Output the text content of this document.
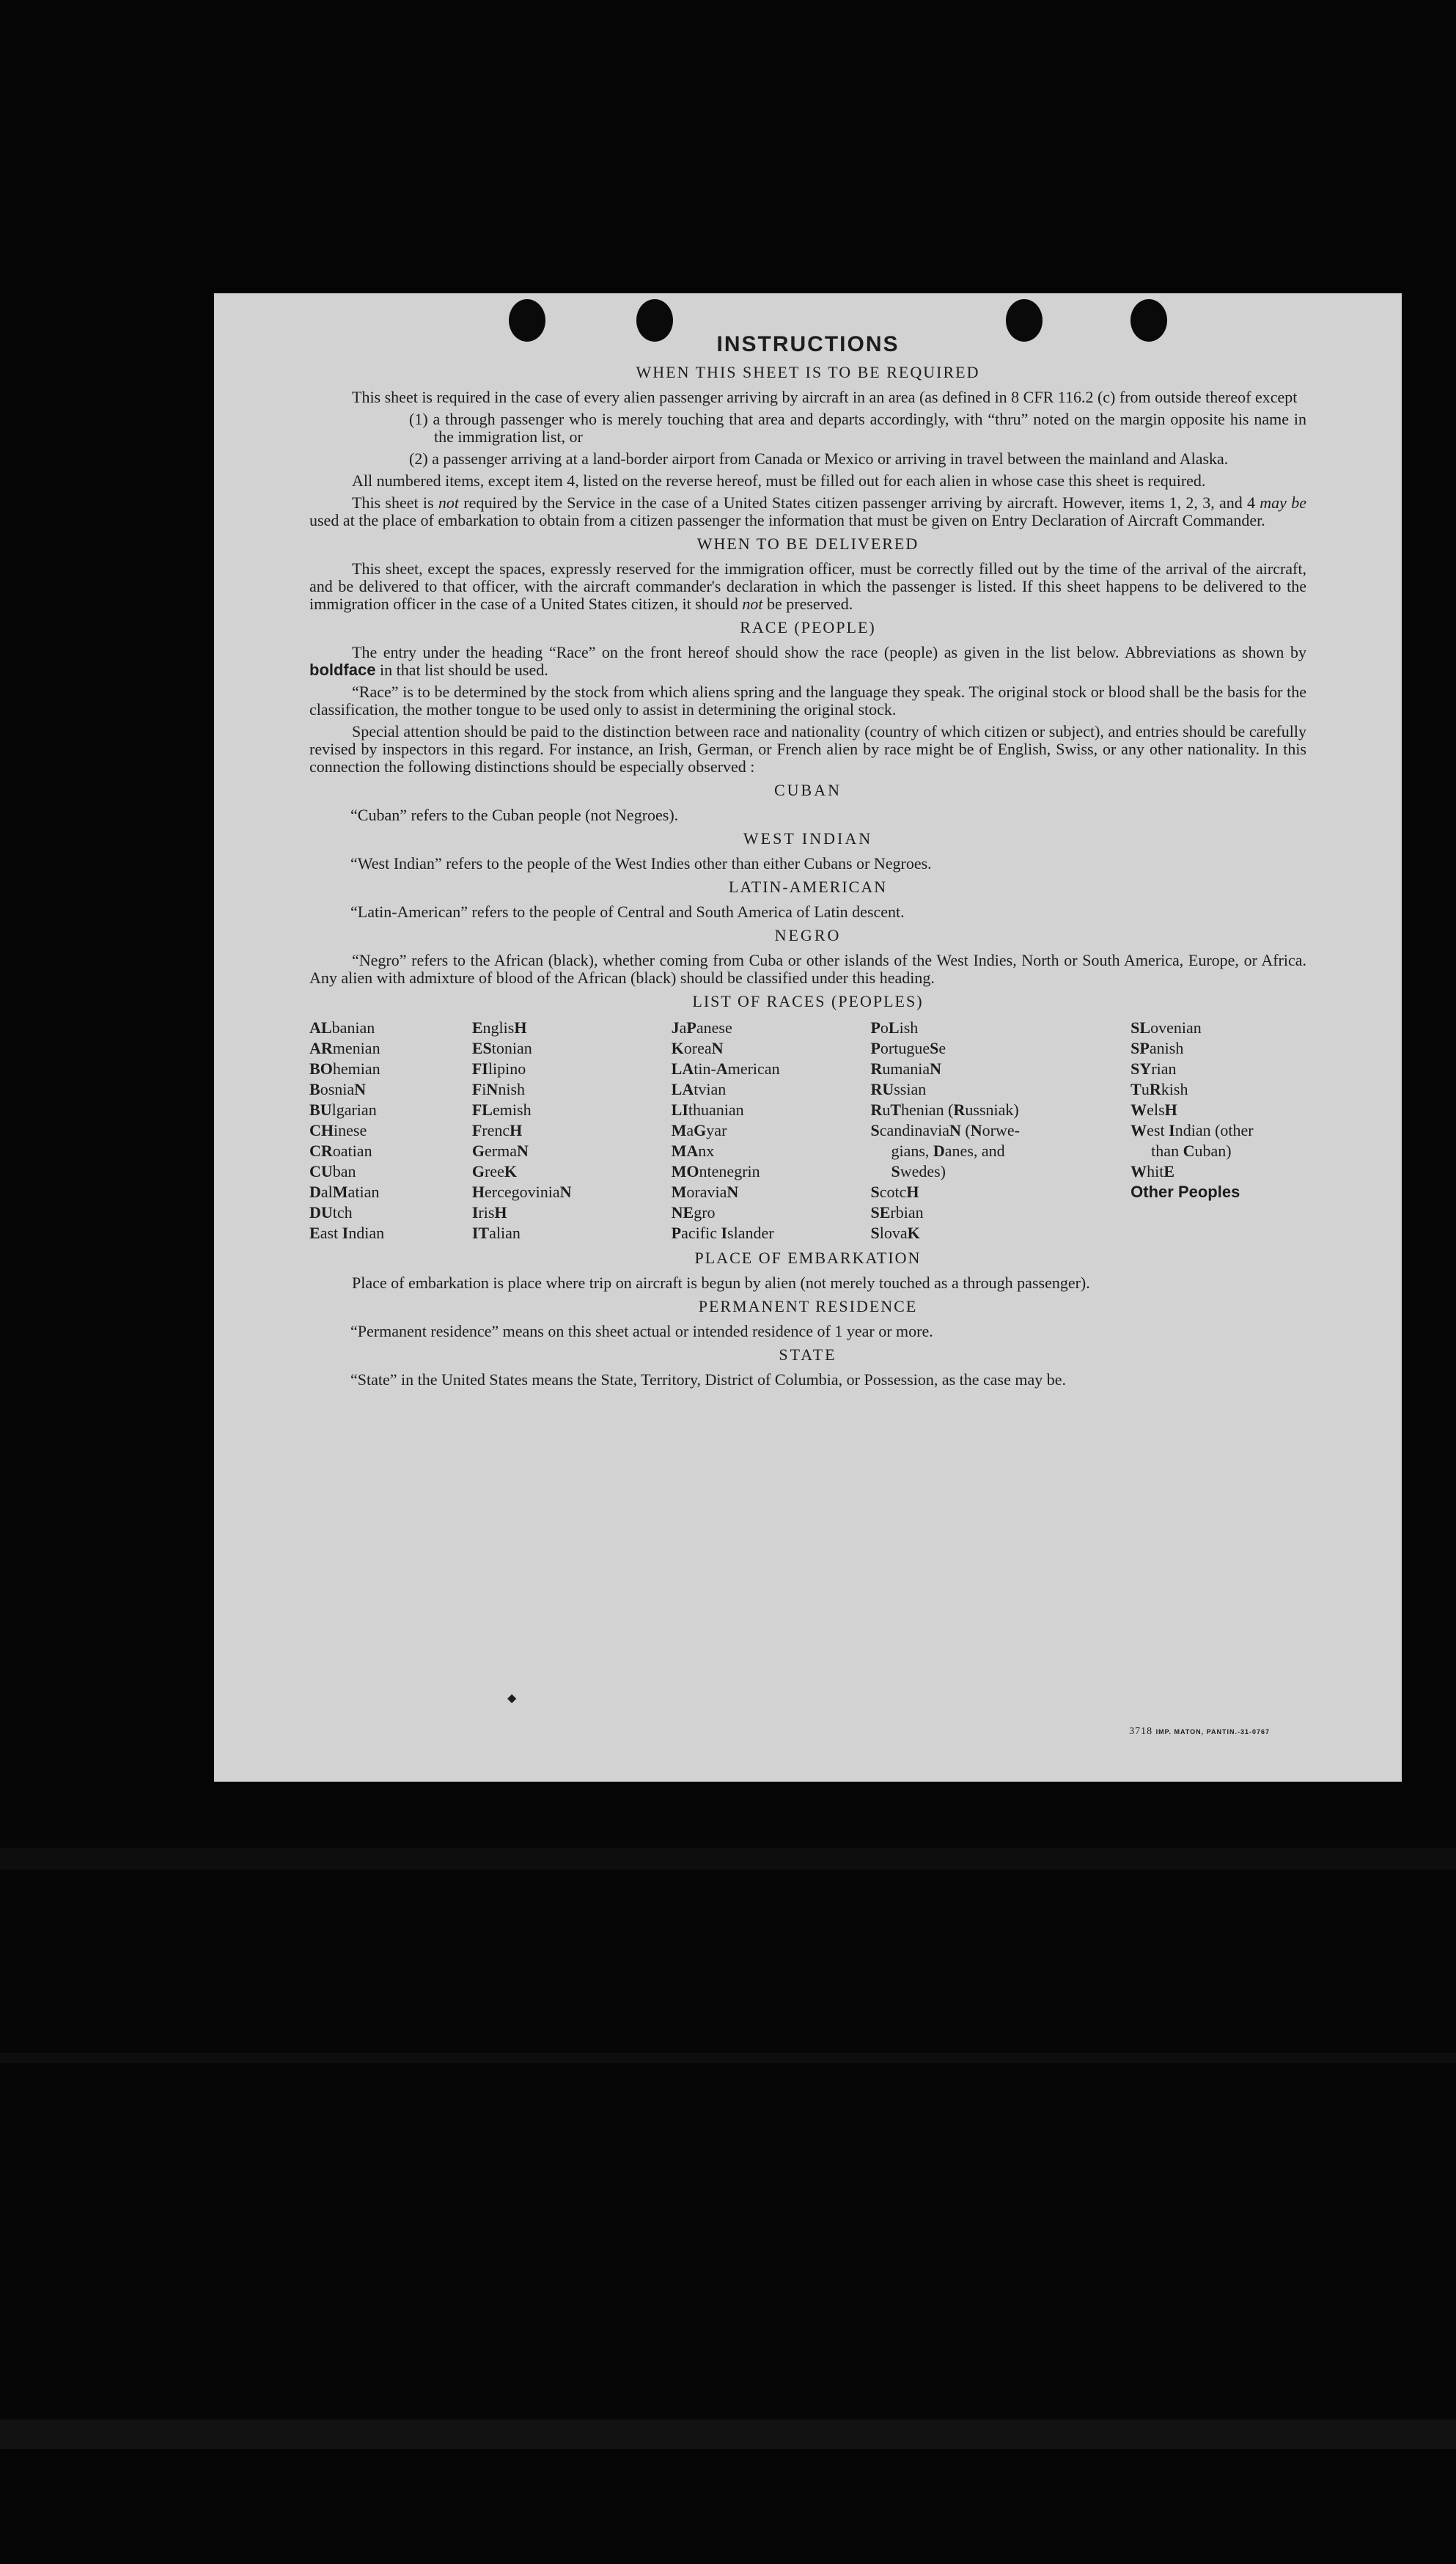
INSTRUCTIONS
WHEN THIS SHEET IS TO BE REQUIRED

This sheet is required in the case of every alien passenger arriving by aircraft in an area (as defined in 8 CFR 116.2 (c) from outside thereof except

(1) a through passenger who is merely touching that area and departs accordingly, with “thru” noted on the margin opposite his name in the immigration list, or

(2) a passenger arriving at a land-border airport from Canada or Mexico or arriving in travel between the mainland and Alaska.

All numbered items, except item 4, listed on the reverse hereof, must be filled out for each alien in whose case this sheet is required.

This sheet is not required by the Service in the case of a United States citizen passenger arriving by aircraft. However, items 1, 2, 3, and 4 may be used at the place of embarkation to obtain from a citizen passenger the information that must be given on Entry Declaration of Aircraft Commander.

WHEN TO BE DELIVERED

This sheet, except the spaces, expressly reserved for the immigration officer, must be correctly filled out by the time of the arrival of the aircraft, and be delivered to that officer, with the aircraft commander's declaration in which the passenger is listed. If this sheet happens to be delivered to the immigration officer in the case of a United States citizen, it should not be preserved.

RACE (PEOPLE)

The entry under the heading “Race” on the front hereof should show the race (people) as given in the list below. Abbreviations as shown by boldface in that list should be used.

“Race” is to be determined by the stock from which aliens spring and the language they speak. The original stock or blood shall be the basis for the classification, the mother tongue to be used only to assist in determining the original stock.

Special attention should be paid to the distinction between race and nationality (country of which citizen or subject), and entries should be carefully revised by inspectors in this regard. For instance, an Irish, German, or French alien by race might be of English, Swiss, or any other nationality. In this connection the following distinctions should be especially observed :

CUBAN

“Cuban” refers to the Cuban people (not Negroes).

WEST INDIAN

“West Indian” refers to the people of the West Indies other than either Cubans or Negroes.

LATIN-AMERICAN

“Latin-American” refers to the people of Central and South America of Latin descent.

NEGRO

“Negro” refers to the African (black), whether coming from Cuba or other islands of the West Indies, North or South America, Europe, or Africa. Any alien with admixture of blood of the African (black) should be classified under this heading.

LIST OF RACES (PEOPLES)
ALbanian
ARmenian
BOhemian
BosniaN
BUlgarian
CHinese
CRoatian
CUban
DalMatian
DUtch
East Indian
EnglisH
EStonian
FIlipino
FiNnish
FLemish
FrencH
GermaN
GreeK
HercegoviniaN
IrisH
ITalian
JaPanese
KoreaN
LAtin-American
LAtvian
LIthuanian
MaGyar
MAnx
MOntenegrin
MoraviaN
NEgro
Pacific Islander
PoLish
PortugueSe
RumaniaN
RUssian
RuThenian (Russniak)
ScandinaviaN (Norwe-
gians, Danes, and
Swedes)
ScotcH
SErbian
SlovaK
SLovenian
SPanish
SYrian
TuRkish
WelsH
West Indian (other
than Cuban)
WhitE
Other Peoples
PLACE OF EMBARKATION

Place of embarkation is place where trip on aircraft is begun by alien (not merely touched as a through passenger).

PERMANENT RESIDENCE

“Permanent residence” means on this sheet actual or intended residence of 1 year or more.

STATE

“State” in the United States means the State, Territory, District of Columbia, or Possession, as the case may be.

◆
3718 IMP. MATON, PANTIN.-31-0767
